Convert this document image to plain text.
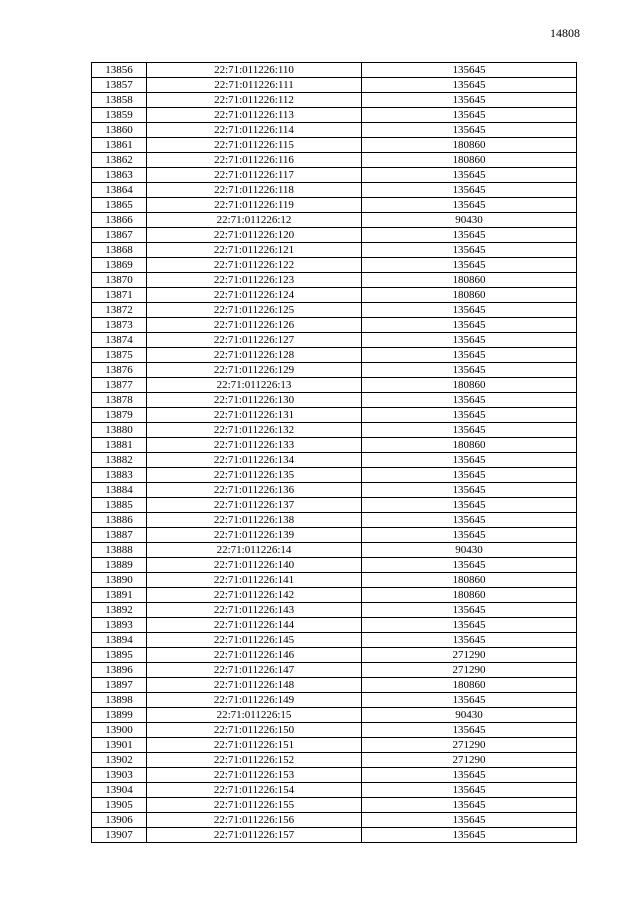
14808
13856	22:71:011226:110	135645
13857	22:71:011226:111	135645
13858	22:71:011226:112	135645
13859	22:71:011226:113	135645
13860	22:71:011226:114	135645
13861	22:71:011226:115	180860
13862	22:71:011226:116	180860
13863	22:71:011226:117	135645
13864	22:71:011226:118	135645
13865	22:71:011226:119	135645
13866	22:71:011226:12	90430
13867	22:71:011226:120	135645
13868	22:71:011226:121	135645
13869	22:71:011226:122	135645
13870	22:71:011226:123	180860
13871	22:71:011226:124	180860
13872	22:71:011226:125	135645
13873	22:71:011226:126	135645
13874	22:71:011226:127	135645
13875	22:71:011226:128	135645
13876	22:71:011226:129	135645
13877	22:71:011226:13	180860
13878	22:71:011226:130	135645
13879	22:71:011226:131	135645
13880	22:71:011226:132	135645
13881	22:71:011226:133	180860
13882	22:71:011226:134	135645
13883	22:71:011226:135	135645
13884	22:71:011226:136	135645
13885	22:71:011226:137	135645
13886	22:71:011226:138	135645
13887	22:71:011226:139	135645
13888	22:71:011226:14	90430
13889	22:71:011226:140	135645
13890	22:71:011226:141	180860
13891	22:71:011226:142	180860
13892	22:71:011226:143	135645
13893	22:71:011226:144	135645
13894	22:71:011226:145	135645
13895	22:71:011226:146	271290
13896	22:71:011226:147	271290
13897	22:71:011226:148	180860
13898	22:71:011226:149	135645
13899	22:71:011226:15	90430
13900	22:71:011226:150	135645
13901	22:71:011226:151	271290
13902	22:71:011226:152	271290
13903	22:71:011226:153	135645
13904	22:71:011226:154	135645
13905	22:71:011226:155	135645
13906	22:71:011226:156	135645
13907	22:71:011226:157	135645
